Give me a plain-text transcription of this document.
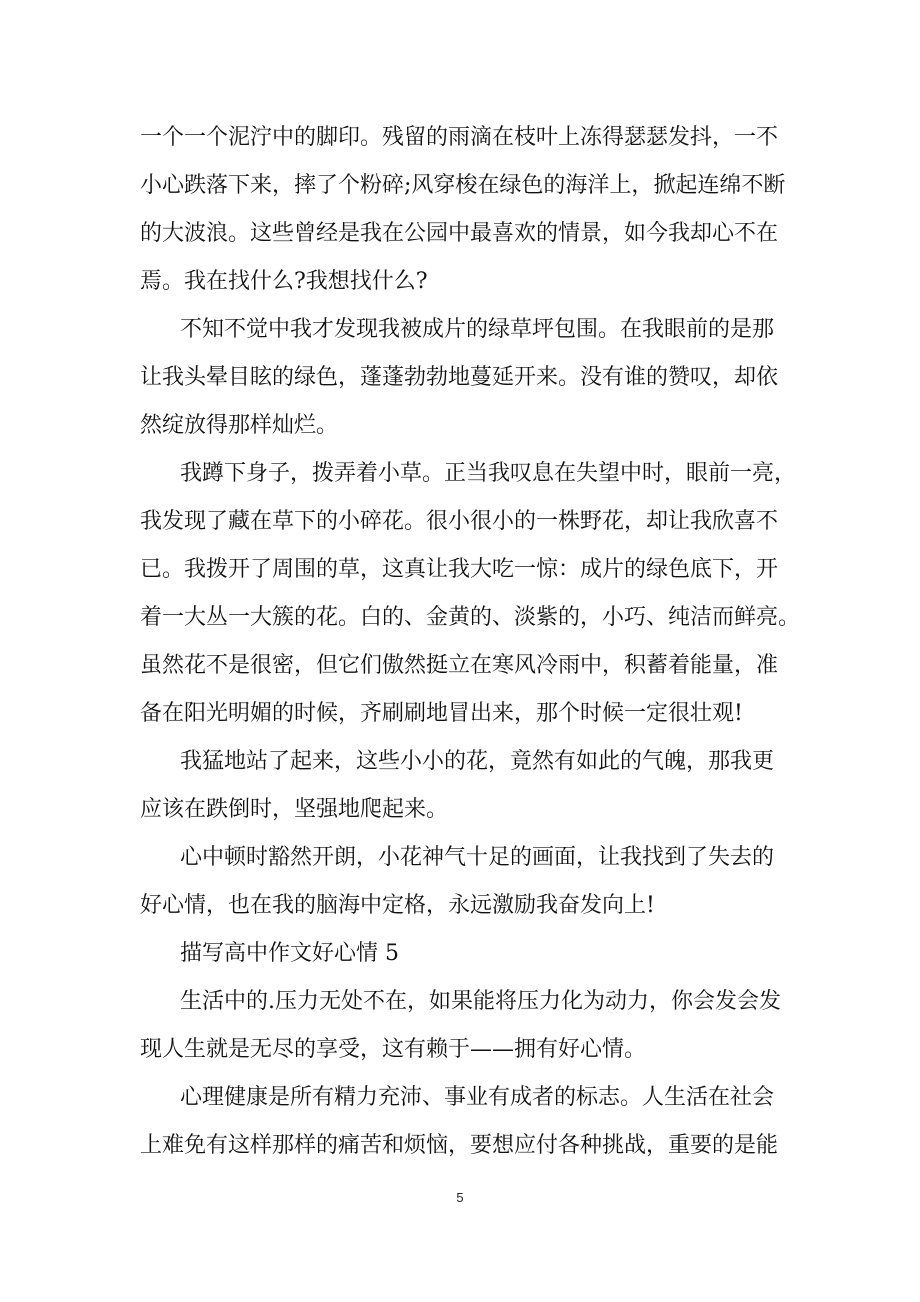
一个一个泥泞中的脚印。残留的雨滴在枝叶上冻得瑟瑟发抖，一不
小心跌落下来，摔了个粉碎;风穿梭在绿色的海洋上，掀起连绵不断
的大波浪。这些曾经是我在公园中最喜欢的情景，如今我却心不在
焉。我在找什么?我想找什么?
不知不觉中我才发现我被成片的绿草坪包围。在我眼前的是那
让我头晕目眩的绿色，蓬蓬勃勃地蔓延开来。没有谁的赞叹，却依
然绽放得那样灿烂。
我蹲下身子，拨弄着小草。正当我叹息在失望中时，眼前一亮，
我发现了藏在草下的小碎花。很小很小的一株野花，却让我欣喜不
已。我拨开了周围的草，这真让我大吃一惊：成片的绿色底下，开
着一大丛一大簇的花。白的、金黄的、淡紫的，小巧、纯洁而鲜亮。
虽然花不是很密，但它们傲然挺立在寒风冷雨中，积蓄着能量，准
备在阳光明媚的时候，齐刷刷地冒出来，那个时候一定很壮观!
我猛地站了起来，这些小小的花，竟然有如此的气魄，那我更
应该在跌倒时，坚强地爬起来。
心中顿时豁然开朗，小花神气十足的画面，让我找到了失去的
好心情，也在我的脑海中定格，永远激励我奋发向上!
描写高中作文好心情 5
生活中的.压力无处不在，如果能将压力化为动力，你会发会发
现人生就是无尽的享受，这有赖于——拥有好心情。
心理健康是所有精力充沛、事业有成者的标志。人生活在社会
上难免有这样那样的痛苦和烦恼，要想应付各种挑战，重要的是能
5
